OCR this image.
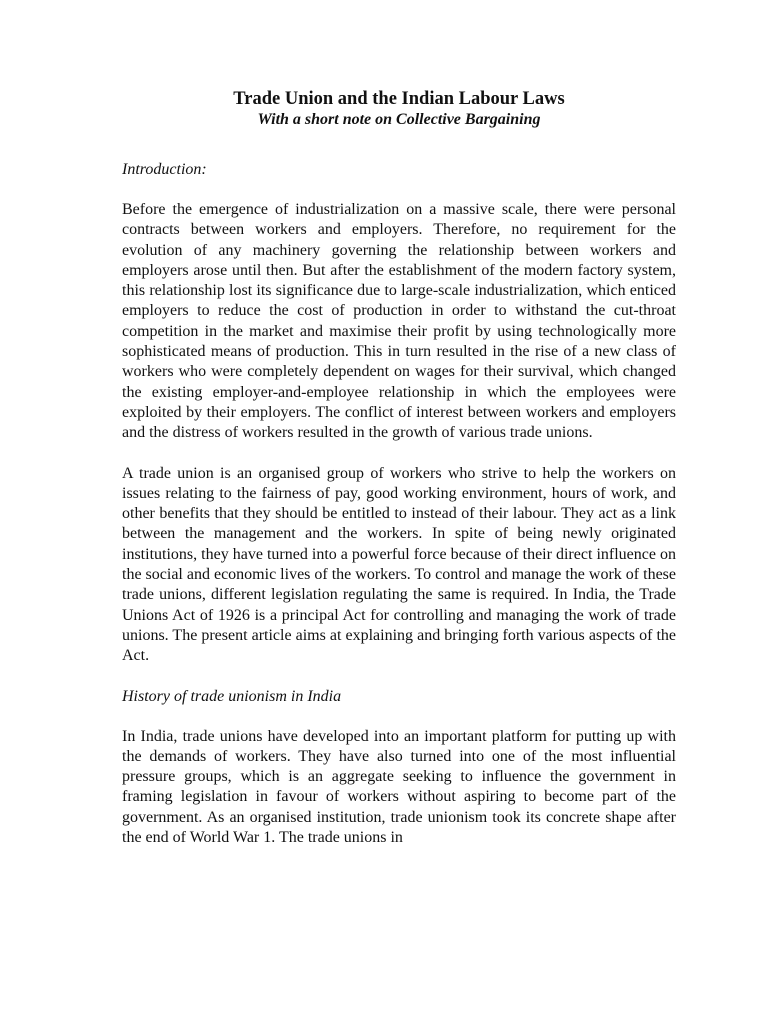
Trade Union and the Indian Labour Laws
With a short note on Collective Bargaining
Introduction:

Before the emergence of industrialization on a massive scale, there were personal contracts between workers and employers. Therefore, no requirement for the evolution of any machinery governing the relationship between workers and employers arose until then. But after the establishment of the modern factory system, this relationship lost its significance due to large-scale industrialization, which enticed employers to reduce the cost of production in order to withstand the cut-throat competition in the market and maximise their profit by using technologically more sophisticated means of production. This in turn resulted in the rise of a new class of workers who were completely dependent on wages for their survival, which changed the existing employer-and-employee relationship in which the employees were exploited by their employers. The conflict of interest between workers and employers and the distress of workers resulted in the growth of various trade unions.

A trade union is an organised group of workers who strive to help the workers on issues relating to the fairness of pay, good working environment, hours of work, and other benefits that they should be entitled to instead of their labour. They act as a link between the management and the workers. In spite of being newly originated institutions, they have turned into a powerful force because of their direct influence on the social and economic lives of the workers. To control and manage the work of these trade unions, different legislation regulating the same is required. In India, the Trade Unions Act of 1926 is a principal Act for controlling and managing the work of trade unions. The present article aims at explaining and bringing forth various aspects of the Act.

History of trade unionism in India

In India, trade unions have developed into an important platform for putting up with the demands of workers. They have also turned into one of the most influential pressure groups, which is an aggregate seeking to influence the government in framing legislation in favour of workers without aspiring to become part of the government. As an organised institution, trade unionism took its concrete shape after the end of World War 1. The trade unions in
